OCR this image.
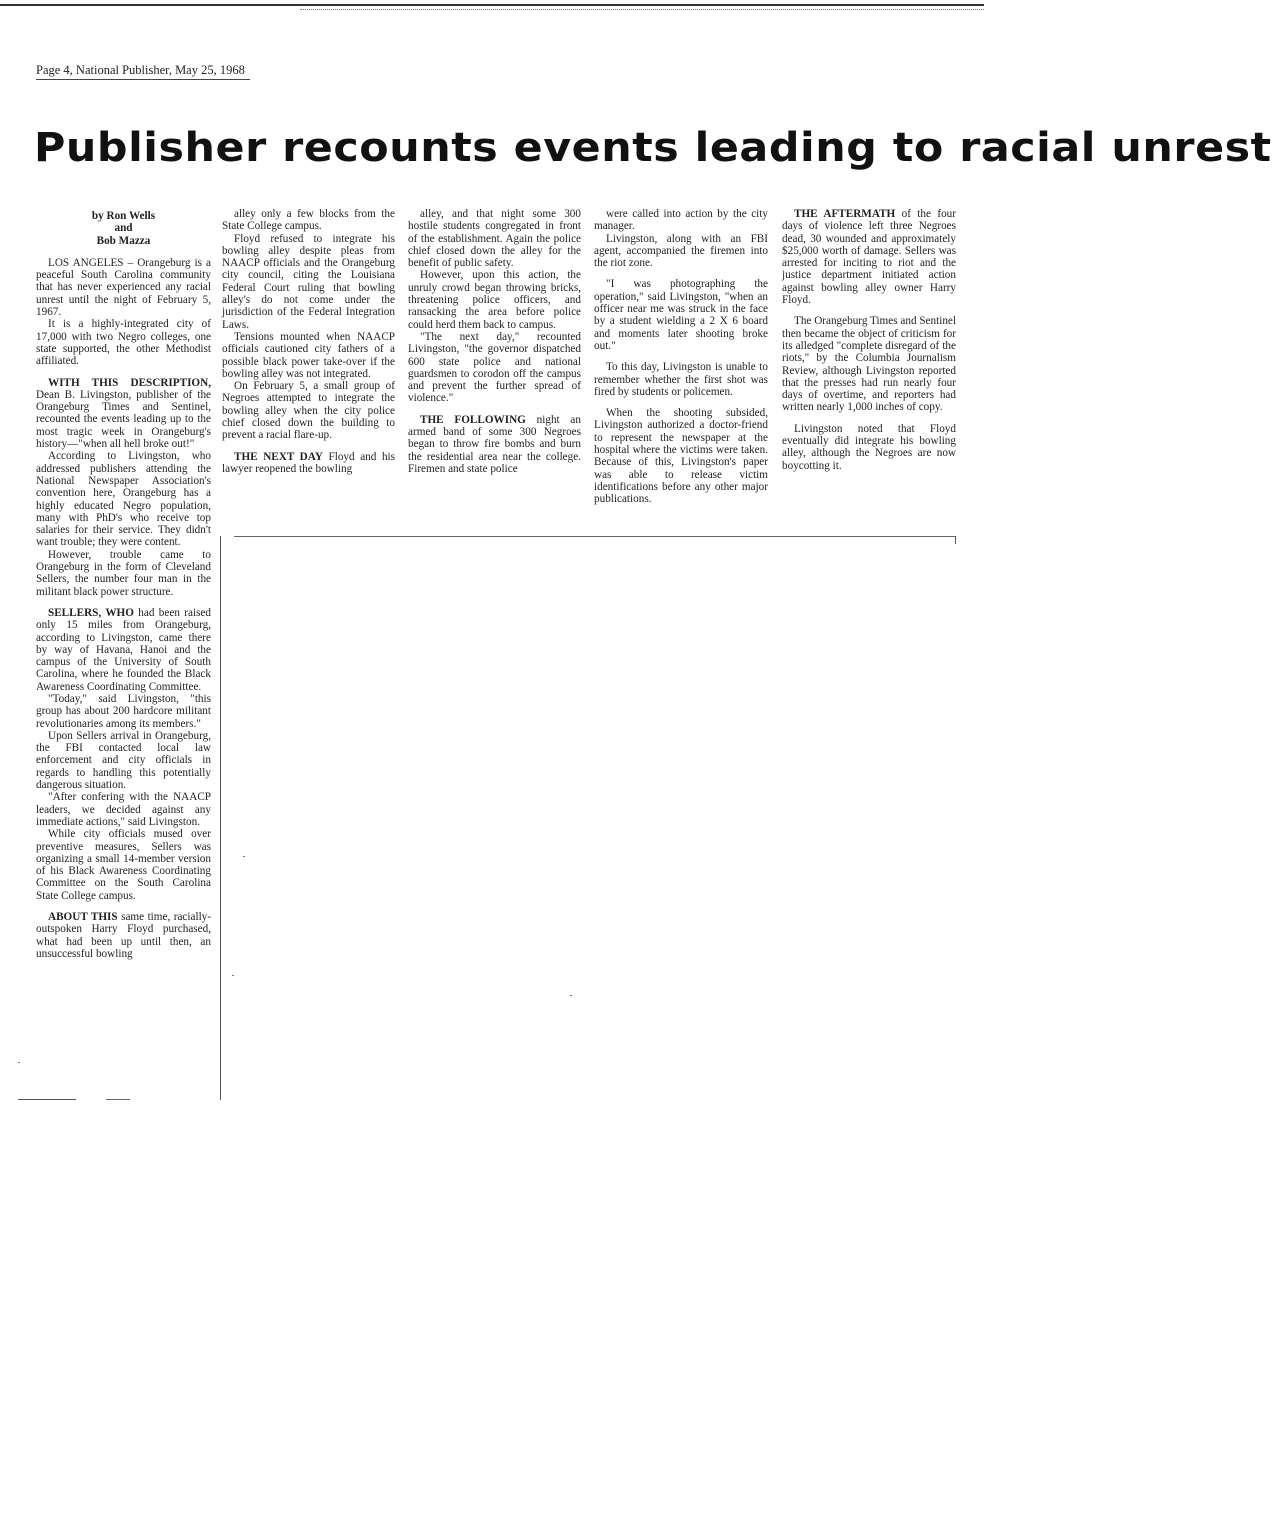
Page 4, National Publisher, May 25, 1968
Publisher recounts events leading to racial unrest
by Ron Wells
and
Bob Mazza

LOS ANGELES – Orangeburg is a peaceful South Carolina community that has never experienced any racial unrest until the night of February 5, 1967.

It is a highly-integrated city of 17,000 with two Negro colleges, one state supported, the other Methodist affiliated.

WITH THIS DESCRIPTION, Dean B. Livingston, publisher of the Orangeburg Times and Sentinel, recounted the events leading up to the most tragic week in Orangeburg's history—"when all hell broke out!"

According to Livingston, who addressed publishers attending the National Newspaper Association's convention here, Orangeburg has a highly educated Negro population, many with PhD's who receive top salaries for their service. They didn't want trouble; they were content.

However, trouble came to Orangeburg in the form of Cleveland Sellers, the number four man in the militant black power structure.

SELLERS, WHO had been raised only 15 miles from Orangeburg, according to Livingston, came there by way of Havana, Hanoi and the campus of the University of South Carolina, where he founded the Black Awareness Coordinating Committee.

"Today," said Livingston, "this group has about 200 hardcore militant revolutionaries among its members."

Upon Sellers arrival in Orangeburg, the FBI contacted local law enforcement and city officials in regards to handling this potentially dangerous situation.

"After confering with the NAACP leaders, we decided against any immediate actions," said Livingston.

While city officials mused over preventive measures, Sellers was organizing a small 14-member version of his Black Awareness Coordinating Committee on the South Carolina State College campus.

ABOUT THIS same time, racially-outspoken Harry Floyd purchased, what had been up until then, an unsuccessful bowling

alley only a few blocks from the State College campus.

Floyd refused to integrate his bowling alley despite pleas from NAACP officials and the Orangeburg city council, citing the Louisiana Federal Court ruling that bowling alley's do not come under the jurisdiction of the Federal Integration Laws.

Tensions mounted when NAACP officials cautioned city fathers of a possible black power take-over if the bowling alley was not integrated.

On February 5, a small group of Negroes attempted to integrate the bowling alley when the city police chief closed down the building to prevent a racial flare-up.

THE NEXT DAY Floyd and his lawyer reopened the bowling

alley, and that night some 300 hostile students congregated in front of the establishment. Again the police chief closed down the alley for the benefit of public safety.

However, upon this action, the unruly crowd began throwing bricks, threatening police officers, and ransacking the area before police could herd them back to campus.

"The next day," recounted Livingston, "the governor dispatched 600 state police and national guardsmen to corodon off the campus and prevent the further spread of violence."

THE FOLLOWING night an armed band of some 300 Negroes began to throw fire bombs and burn the residential area near the college. Firemen and state police

were called into action by the city manager.

Livingston, along with an FBI agent, accompanied the firemen into the riot zone.

"I was photographing the operation," said Livingston, "when an officer near me was struck in the face by a student wielding a 2 X 6 board and moments later shooting broke out."

To this day, Livingston is unable to remember whether the first shot was fired by students or policemen.

When the shooting subsided, Livingston authorized a doctor-friend to represent the newspaper at the hospital where the victims were taken. Because of this, Livingston's paper was able to release victim identifications before any other major publications.

THE AFTERMATH of the four days of violence left three Negroes dead, 30 wounded and approximately $25,000 worth of damage. Sellers was arrested for inciting to riot and the justice department initiated action against bowling alley owner Harry Floyd.

The Orangeburg Times and Sentinel then became the object of criticism for its alledged "complete disregard of the riots," by the Columbia Journalism Review, although Livingston reported that the presses had run nearly four days of overtime, and reporters had written nearly 1,000 inches of copy.

Livingston noted that Floyd eventually did integrate his bowling alley, although the Negroes are now boycotting it.
